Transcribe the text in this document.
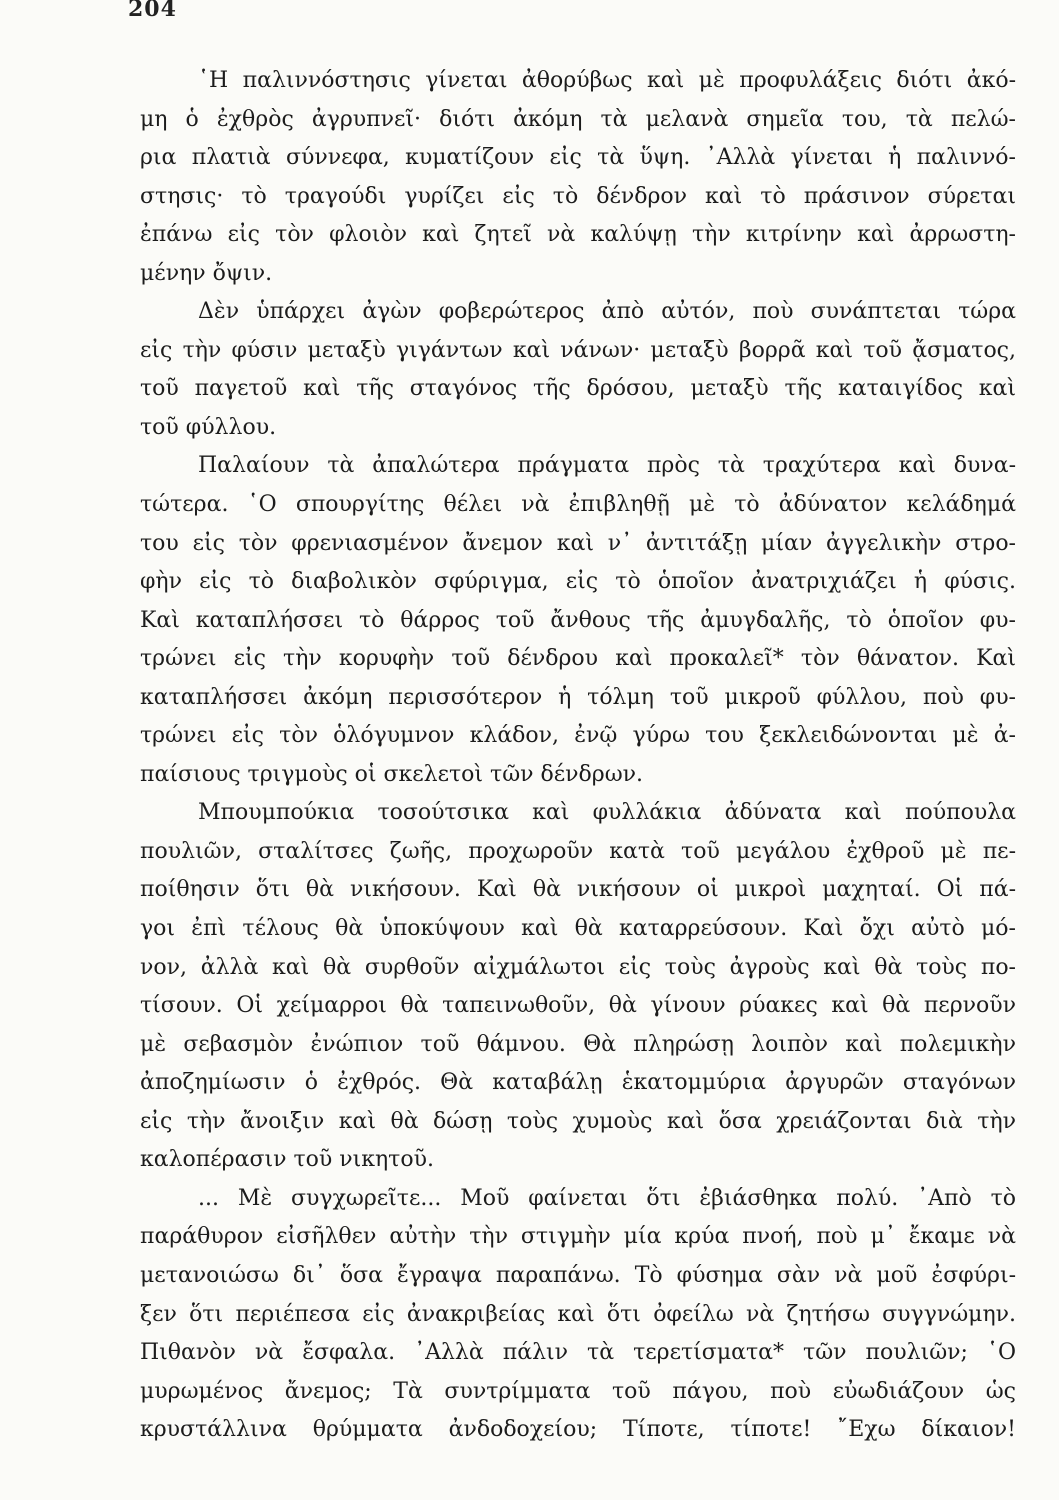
204
῾Η παλιννόστησις γίνεται ἀθορύβως καὶ μὲ προφυλάξεις διότι ἀκό-
μη ὁ ἐχθρὸς ἀγρυπνεῖ· διότι ἀκόμη τὰ μελανὰ σημεῖα του, τὰ πελώ-
ρια πλατιὰ σύννεφα, κυματίζουν εἰς τὰ ὕψη. ᾿Αλλὰ γίνεται ἡ παλιννό-
στησις· τὸ τραγούδι γυρίζει εἰς τὸ δένδρον καὶ τὸ πράσινον σύρεται
ἐπάνω εἰς τὸν φλοιὸν καὶ ζητεῖ νὰ καλύψῃ τὴν κιτρίνην καὶ ἀρρωστη-
μένην ὄψιν.
Δὲν ὑπάρχει ἀγὼν φοβερώτερος ἀπὸ αὐτόν, ποὺ συνάπτεται τώρα
εἰς τὴν φύσιν μεταξὺ γιγάντων καὶ νάνων· μεταξὺ βορρᾶ καὶ τοῦ ᾄσματος,
τοῦ παγετοῦ καὶ τῆς σταγόνος τῆς δρόσου, μεταξὺ τῆς καταιγίδος καὶ
τοῦ φύλλου.
Παλαίουν τὰ ἀπαλώτερα πράγματα πρὸς τὰ τραχύτερα καὶ δυνα-
τώτερα. ῾Ο σπουργίτης θέλει νὰ ἐπιβληθῇ μὲ τὸ ἀδύνατον κελάδημά
του εἰς τὸν φρενιασμένον ἄνεμον καὶ ν᾿ ἀντιτάξῃ μίαν ἀγγελικὴν στρο-
φὴν εἰς τὸ διαβολικὸν σφύριγμα, εἰς τὸ ὁποῖον ἀνατριχιάζει ἡ φύσις.
Καὶ καταπλήσσει τὸ θάρρος τοῦ ἄνθους τῆς ἀμυγδαλῆς, τὸ ὁποῖον φυ-
τρώνει εἰς τὴν κορυφὴν τοῦ δένδρου καὶ προκαλεῖ* τὸν θάνατον. Καὶ
καταπλήσσει ἀκόμη περισσότερον ἡ τόλμη τοῦ μικροῦ φύλλου, ποὺ φυ-
τρώνει εἰς τὸν ὁλόγυμνον κλάδον, ἐνῷ γύρω του ξεκλειδώνονται μὲ ἀ-
παίσιους τριγμοὺς οἱ σκελετοὶ τῶν δένδρων.
Μπουμπούκια τοσούτσικα καὶ φυλλάκια ἀδύνατα καὶ πούπουλα
πουλιῶν, σταλίτσες ζωῆς, προχωροῦν κατὰ τοῦ μεγάλου ἐχθροῦ μὲ πε-
ποίθησιν ὅτι θὰ νικήσουν. Καὶ θὰ νικήσουν οἱ μικροὶ μαχηταί. Οἱ πά-
γοι ἐπὶ τέλους θὰ ὑποκύψουν καὶ θὰ καταρρεύσουν. Καὶ ὄχι αὐτὸ μό-
νον, ἀλλὰ καὶ θὰ συρθοῦν αἰχμάλωτοι εἰς τοὺς ἀγροὺς καὶ θὰ τοὺς πο-
τίσουν. Οἱ χείμαρροι θὰ ταπεινωθοῦν, θὰ γίνουν ρύακες καὶ θὰ περνοῦν
μὲ σεβασμὸν ἐνώπιον τοῦ θάμνου. Θὰ πληρώσῃ λοιπὸν καὶ πολεμικὴν
ἀποζημίωσιν ὁ ἐχθρός. Θὰ καταβάλῃ ἑκατομμύρια ἀργυρῶν σταγόνων
εἰς τὴν ἄνοιξιν καὶ θὰ δώσῃ τοὺς χυμοὺς καὶ ὅσα χρειάζονται διὰ τὴν
καλοπέρασιν τοῦ νικητοῦ.
... Μὲ συγχωρεῖτε... Μοῦ φαίνεται ὅτι ἐβιάσθηκα πολύ. ᾿Απὸ τὸ
παράθυρον εἰσῆλθεν αὐτὴν τὴν στιγμὴν μία κρύα πνοή, ποὺ μ᾿ ἔκαμε νὰ
μετανοιώσω δι᾿ ὅσα ἔγραψα παραπάνω. Τὸ φύσημα σὰν νὰ μοῦ ἐσφύρι-
ξεν ὅτι περιέπεσα εἰς ἀνακριβείας καὶ ὅτι ὀφείλω νὰ ζητήσω συγγνώμην.
Πιθανὸν νὰ ἔσφαλα. ᾿Αλλὰ πάλιν τὰ τερετίσματα* τῶν πουλιῶν; ῾Ο
μυρωμένος ἄνεμος; Τὰ συντρίμματα τοῦ πάγου, ποὺ εὐωδιάζουν ὡς
κρυστάλλινα θρύμματα ἀνδοδοχείου; Τίποτε, τίποτε! ῎Εχω δίκαιον!
